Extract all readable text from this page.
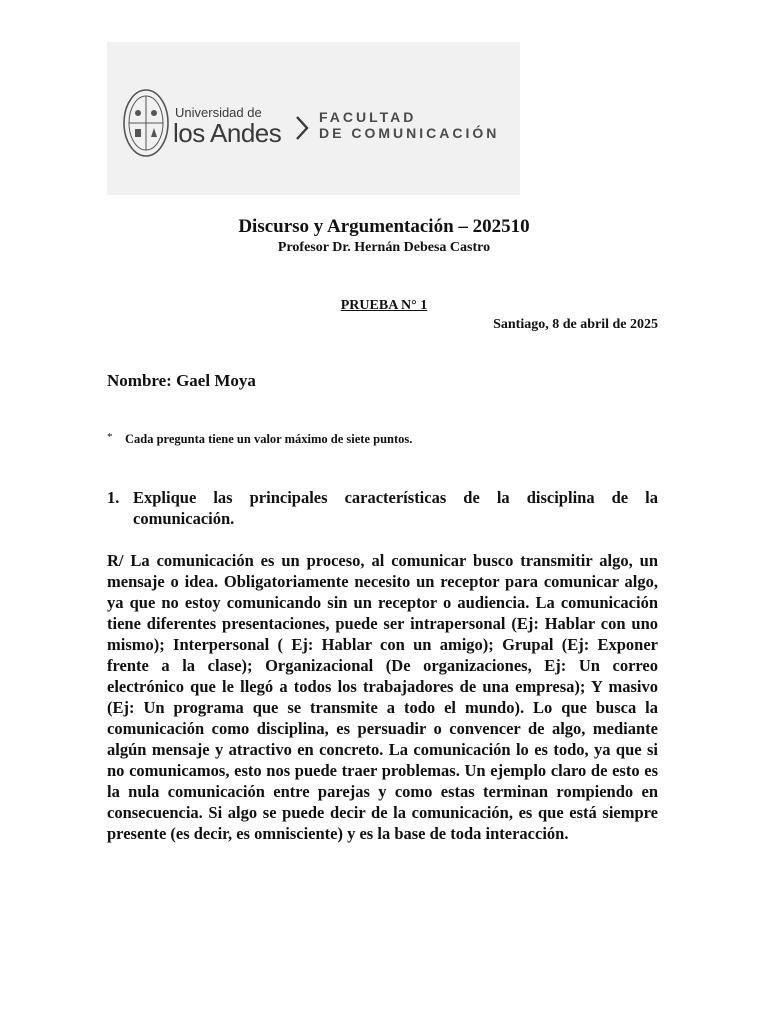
Universidad de
los Andes
FACULTAD
DE COMUNICACIÓN
Discurso y Argumentación – 202510
Profesor Dr. Hernán Debesa Castro
PRUEBA N° 1
Santiago, 8 de abril de 2025
Nombre: Gael Moya
* Cada pregunta tiene un valor máximo de siete puntos.
1. Explique las principales características de la disciplina de la comunicación.

R/ La comunicación es un proceso, al comunicar busco transmitir algo, un mensaje o idea. Obligatoriamente necesito un receptor para comunicar algo, ya que no estoy comunicando sin un receptor o audiencia. La comunicación tiene diferentes presentaciones, puede ser intrapersonal (Ej: Hablar con uno mismo); Interpersonal ( Ej: Hablar con un amigo); Grupal (Ej: Exponer frente a la clase); Organizacional (De organizaciones, Ej: Un correo electrónico que le llegó a todos los trabajadores de una empresa); Y masivo (Ej: Un programa que se transmite a todo el mundo). Lo que busca la comunicación como disciplina, es persuadir o convencer de algo, mediante algún mensaje y atractivo en concreto. La comunicación lo es todo, ya que si no comunicamos, esto nos puede traer problemas. Un ejemplo claro de esto es la nula comunicación entre parejas y como estas terminan rompiendo en consecuencia. Si algo se puede decir de la comunicación, es que está siempre presente (es decir, es omnisciente) y es la base de toda interacción.
